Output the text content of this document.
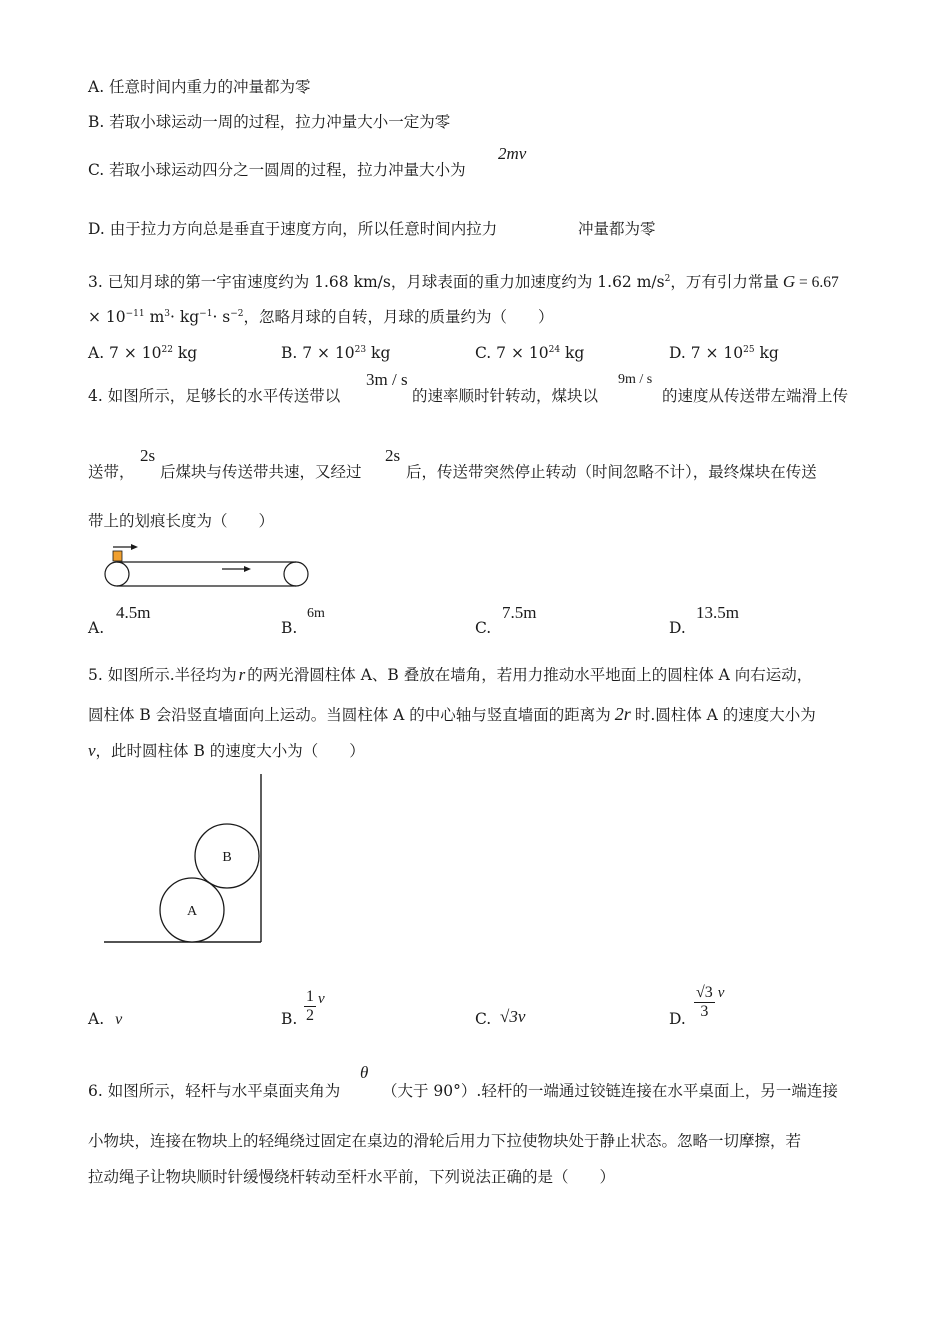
A. 任意时间内重力的冲量都为零
B. 若取小球运动一周的过程，拉力冲量大小一定为零
C. 若取小球运动四分之一圆周的过程，拉力冲量大小为
2mv
D. 由于拉力方向总是垂直于速度方向，所以任意时间内拉力	冲量都为零
3. 已知月球的第一宇宙速度约为 1.68 km/s，月球表面的重力加速度约为 1.62 $m/s^2$，万有引力常量 G = 6.67
× $10^{-11}$ $m^3\cdot kg^{-1}\cdot s^{-2}$，忽略月球的自转，月球的质量约为（　　）
A. $7 \times 10^{22}$ kg	B. $7 \times 10^{23}$ kg	C. $7 \times 10^{24}$ kg	D. $7 \times 10^{25}$ kg
4. 如图所示，足够长的水平传送带以
3m / s
的速率顺时针转动，煤块以
9m / s
的速度从传送带左端滑上传
送带，
2s
后煤块与传送带共速，又经过
2s
后，传送带突然停止转动（时间忽略不计），最终煤块在传送
带上的划痕长度为（　　）
A.
4.5m
B.
6m
C.
7.5m
D.
13.5m
5. 如图所示.半径均为 r 的两光滑圆柱体 A、B 叠放在墙角，若用力推动水平地面上的圆柱体 A 向右运动，
圆柱体 B 会沿竖直墙面向上运动。当圆柱体 A 的中心轴与竖直墙面的距离为 2r 时.圆柱体 A 的速度大小为
v，此时圆柱体 B 的速度大小为（　　）
A
B
A. v	B. $\frac{1}{2}$ v
C. √3v	D. $\frac{√3}{3}$ v
6. 如图所示，轻杆与水平桌面夹角为
θ
（大于 90°）.轻杆的一端通过铰链连接在水平桌面上，另一端连接
小物块，连接在物块上的轻绳绕过固定在桌边的滑轮后用力下拉使物块处于静止状态。忽略一切摩擦，若
拉动绳子让物块顺时针缓慢绕杆转动至杆水平前，下列说法正确的是（　　）
